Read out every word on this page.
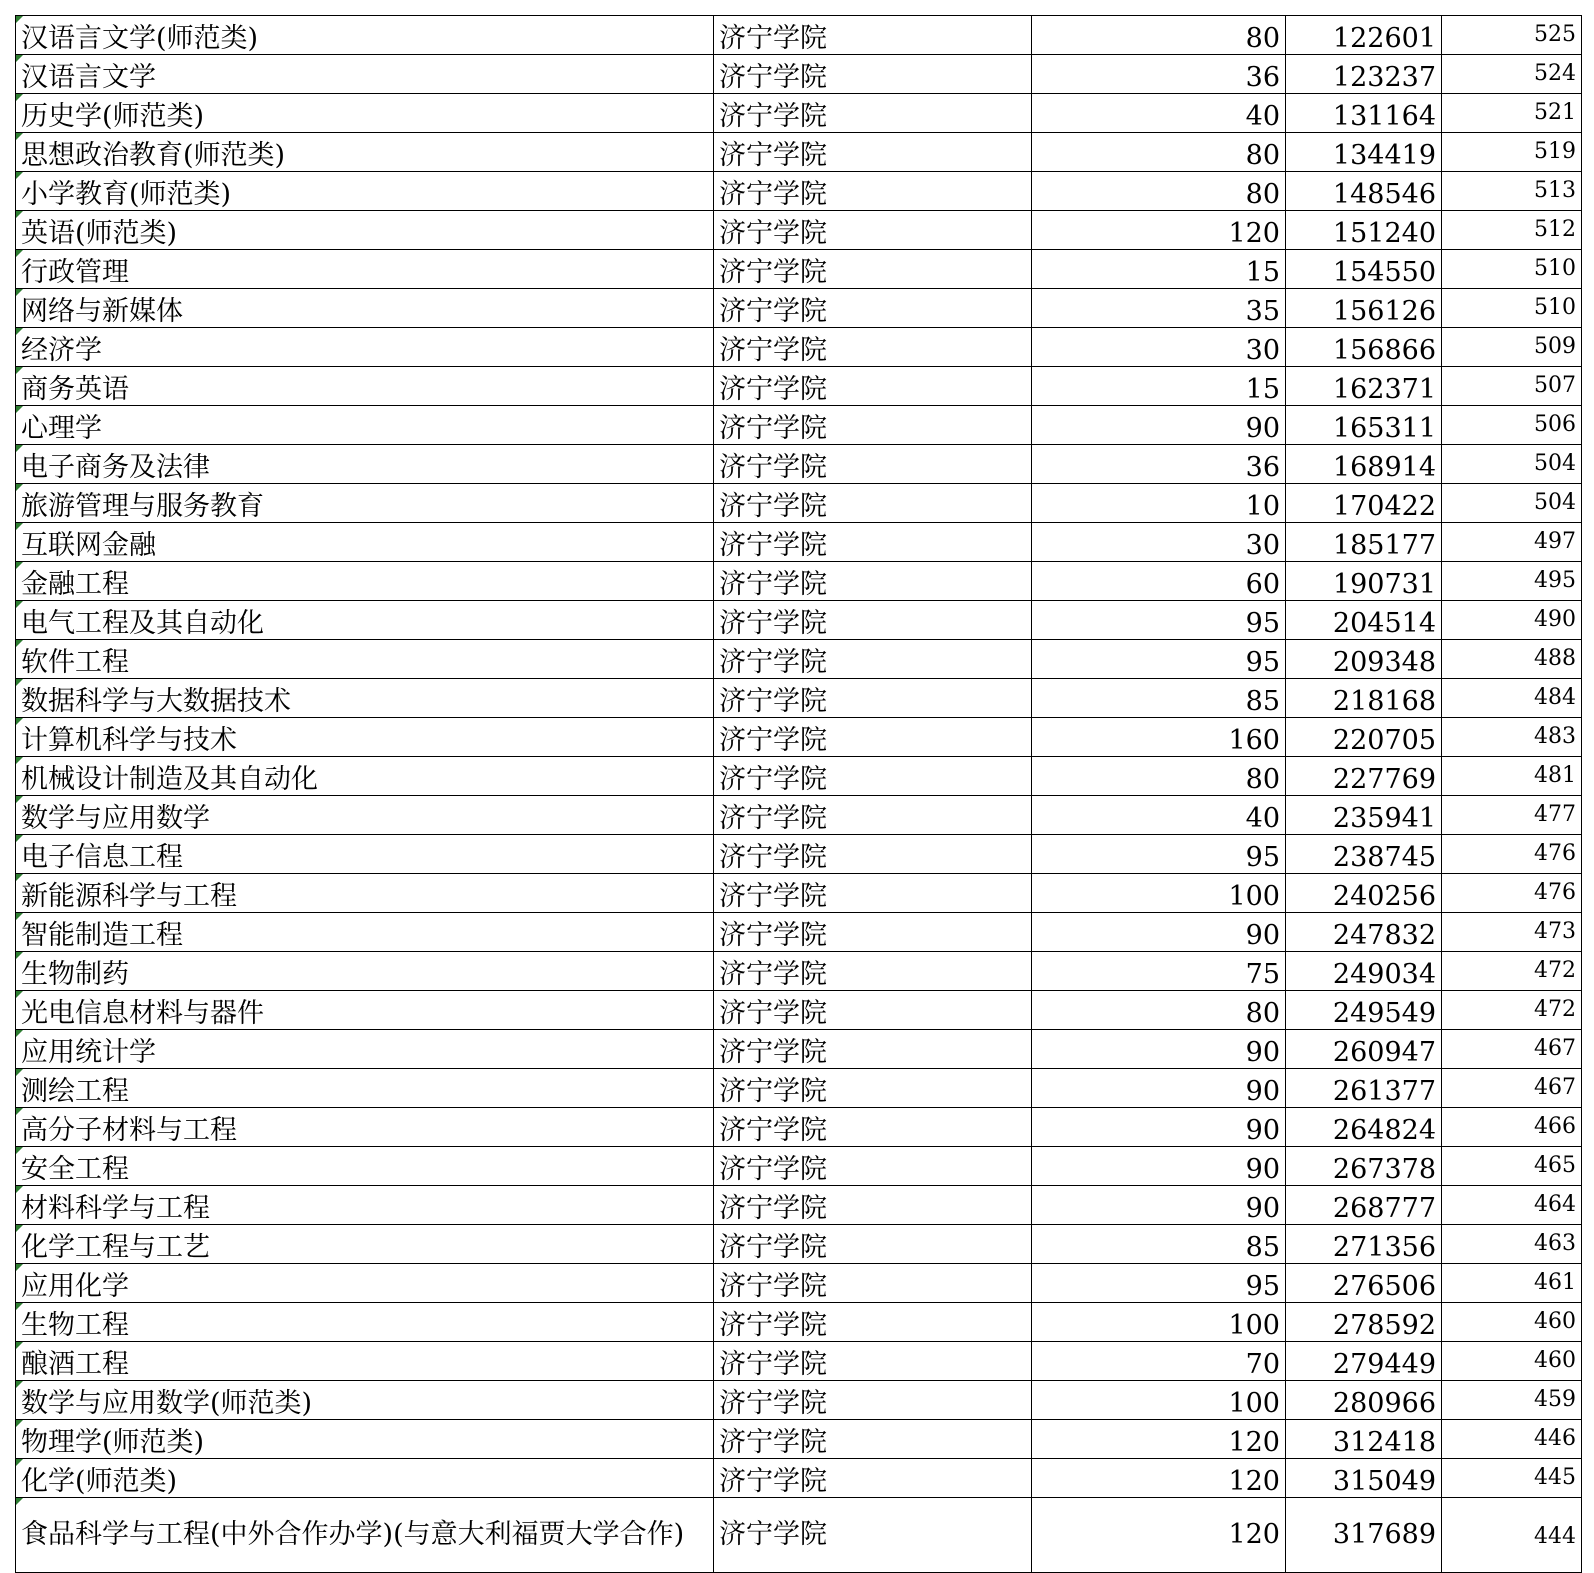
汉语言文学(师范类)	济宁学院	80	122601	525
汉语言文学	济宁学院	36	123237	524
历史学(师范类)	济宁学院	40	131164	521
思想政治教育(师范类)	济宁学院	80	134419	519
小学教育(师范类)	济宁学院	80	148546	513
英语(师范类)	济宁学院	120	151240	512
行政管理	济宁学院	15	154550	510
网络与新媒体	济宁学院	35	156126	510
经济学	济宁学院	30	156866	509
商务英语	济宁学院	15	162371	507
心理学	济宁学院	90	165311	506
电子商务及法律	济宁学院	36	168914	504
旅游管理与服务教育	济宁学院	10	170422	504
互联网金融	济宁学院	30	185177	497
金融工程	济宁学院	60	190731	495
电气工程及其自动化	济宁学院	95	204514	490
软件工程	济宁学院	95	209348	488
数据科学与大数据技术	济宁学院	85	218168	484
计算机科学与技术	济宁学院	160	220705	483
机械设计制造及其自动化	济宁学院	80	227769	481
数学与应用数学	济宁学院	40	235941	477
电子信息工程	济宁学院	95	238745	476
新能源科学与工程	济宁学院	100	240256	476
智能制造工程	济宁学院	90	247832	473
生物制药	济宁学院	75	249034	472
光电信息材料与器件	济宁学院	80	249549	472
应用统计学	济宁学院	90	260947	467
测绘工程	济宁学院	90	261377	467
高分子材料与工程	济宁学院	90	264824	466
安全工程	济宁学院	90	267378	465
材料科学与工程	济宁学院	90	268777	464
化学工程与工艺	济宁学院	85	271356	463
应用化学	济宁学院	95	276506	461
生物工程	济宁学院	100	278592	460
酿酒工程	济宁学院	70	279449	460
数学与应用数学(师范类)	济宁学院	100	280966	459
物理学(师范类)	济宁学院	120	312418	446
化学(师范类)	济宁学院	120	315049	445
食品科学与工程(中外合作办学)(与意大利福贾大学合作)	济宁学院	120	317689	444
